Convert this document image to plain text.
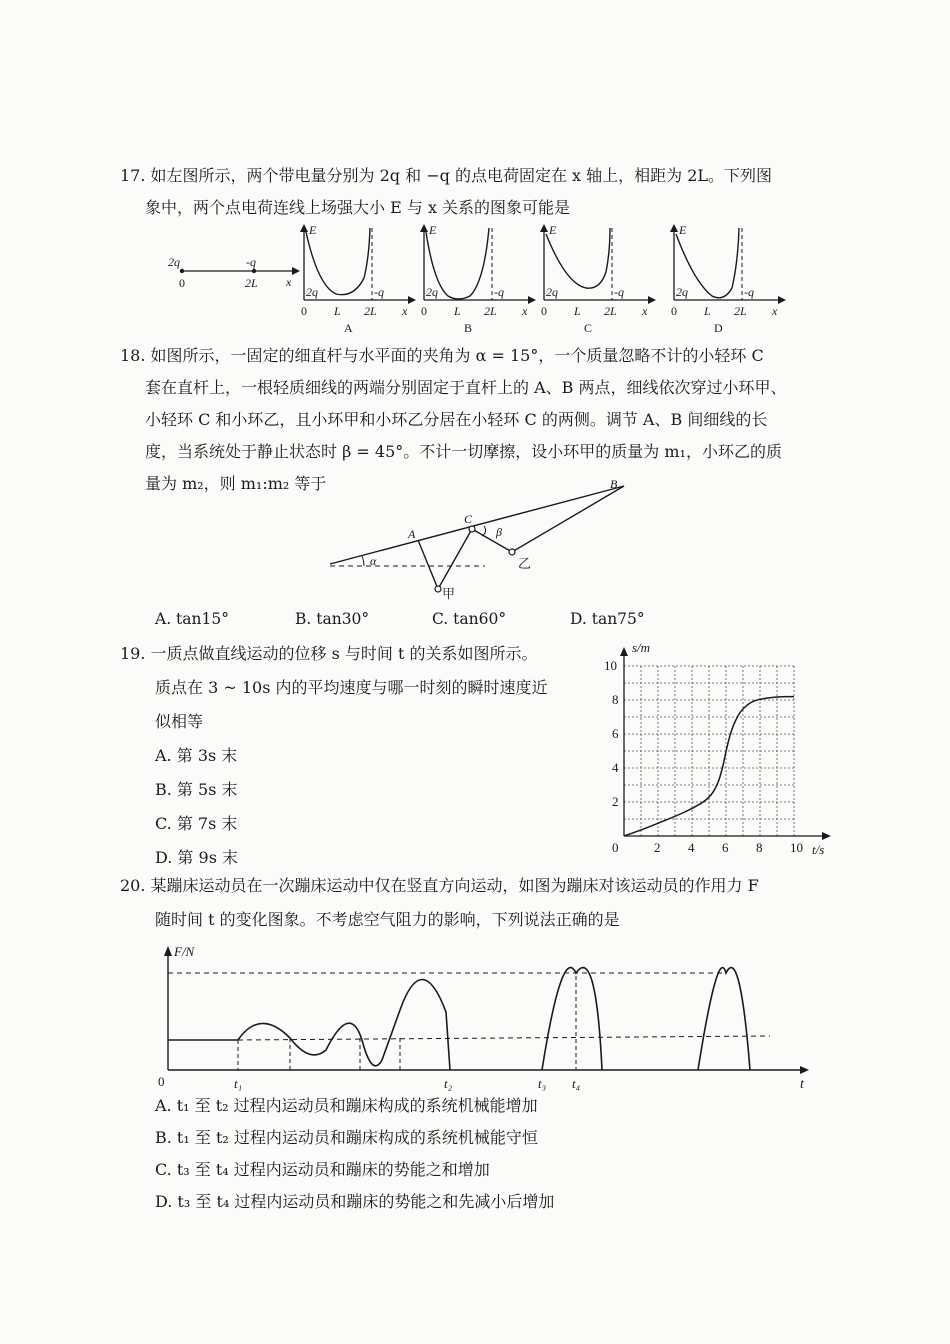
17. 如左图所示，两个带电量分别为 2q 和 −q 的点电荷固定在 x 轴上，相距为 2L。下列图
象中，两个点电荷连线上场强大小 E 与 x 关系的图象可能是
2q	-q
0	2L x
E
2q	-q
0 L 2L x
A
E
2q	-q
0 L 2L x
B
E
2q	-q
0 L 2L x
C
E
2q	-q
0 L 2L x
D
18. 如图所示，一固定的细直杆与水平面的夹角为 α = 15°，一个质量忽略不计的小轻环 C
套在直杆上，一根轻质细线的两端分别固定于直杆上的 A、B 两点，细线依次穿过小环甲、
小轻环 C 和小环乙，且小环甲和小环乙分居在小轻环 C 的两侧。调节 A、B 间细线的长
度，当系统处于静止状态时 β = 45°。不计一切摩擦，设小环甲的质量为 m₁，小环乙的质
量为 m₂，则 m₁:m₂ 等于
A
B
C
α
β
甲
乙
A. tan15°	B. tan30°	C. tan60°	D. tan75°
19. 一质点做直线运动的位移 s 与时间 t 的关系如图所示。
质点在 3 ~ 10s 内的平均速度与哪一时刻的瞬时速度近
似相等
A. 第 3s 末
B. 第 5s 末
C. 第 7s 末
D. 第 9s 末
0	2 4 6 8 10
2
4
6
8
10
s/m
t/s
20. 某蹦床运动员在一次蹦床运动中仅在竖直方向运动，如图为蹦床对该运动员的作用力 F
随时间 t 的变化图象。不考虑空气阻力的影响，下列说法正确的是
F/N
0	t
t₁	t₂	t₃ t₄
A. t₁ 至 t₂ 过程内运动员和蹦床构成的系统机械能增加
B. t₁ 至 t₂ 过程内运动员和蹦床构成的系统机械能守恒
C. t₃ 至 t₄ 过程内运动员和蹦床的势能之和增加
D. t₃ 至 t₄ 过程内运动员和蹦床的势能之和先减小后增加
